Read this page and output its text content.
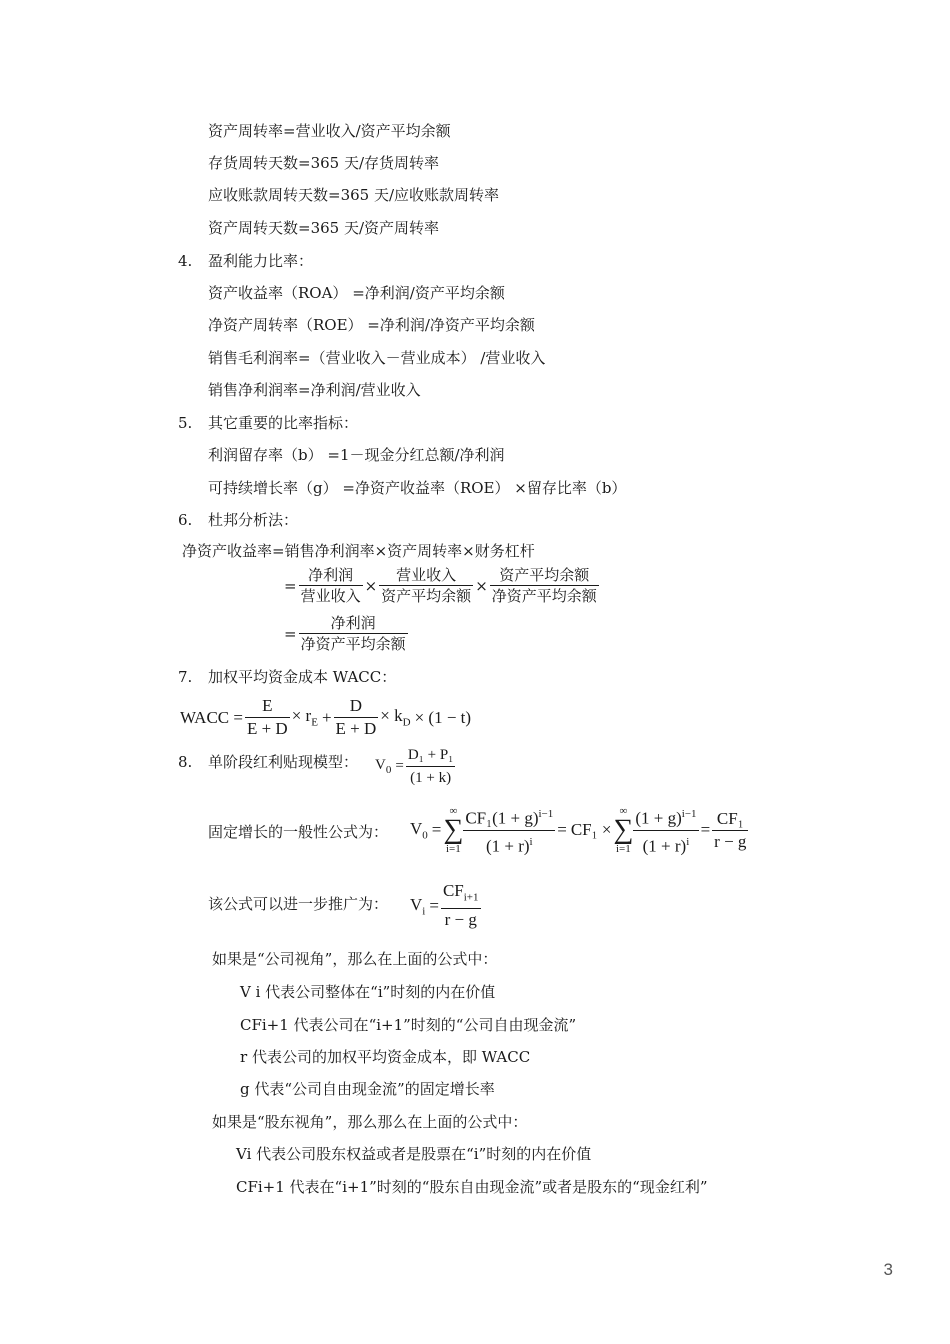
资产周转率=营业收入/资产平均余额
存货周转天数=365 天/存货周转率
应收账款周转天数=365 天/应收账款周转率
资产周转天数=365 天/资产周转率
4. 盈利能力比率：
资产收益率（ROA） =净利润/资产平均余额
净资产周转率（ROE） =净利润/净资产平均余额
销售毛利润率=（营业收入－营业成本） /营业收入
销售净利润率=净利润/营业收入
5. 其它重要的比率指标：
利润留存率（b） =1－现金分红总额/净利润
可持续增长率（g） =净资产收益率（ROE） ×留存比率（b）
6. 杜邦分析法：
净资产收益率=销售净利润率×资产周转率×财务杠杆
= $\frac{\text{净利润}}{\text{营业收入}} \times \frac{\text{营业收入}}{\text{资产平均余额}} \times \frac{\text{资产平均余额}}{\text{净资产平均余额}}$
= $\frac{\text{净利润}}{\text{净资产平均余额}}$
7. 加权平均资金成本 WACC：
WACC = $\frac{E}{E + D} \times r_E + \frac{D}{E + D} \times k_D \times (1 - t)$
8. 单阶段红利贴现模型： $V_0 = \frac{\text{D₁ + P₁}}{(1 + k)}$
固定增长的一般性公式为： $V_0$ =∞
∑
$i=1 \frac{CF_1(1 + g)^{i-1}}{(1 + r)^i} = CF_1$ ×∞
∑
$i=1 \frac{(1 + g)^{i-1}}{(1 + r)^i} = \frac{\text{CF₁}}{r - g}$
该公式可以进一步推广为： $V_i = \frac{CF_{i+1}}{r - g}$
如果是“公司视角”，那么在上面的公式中：
V i 代表公司整体在“i”时刻的内在价值
CFi+1 代表公司在“i+1”时刻的“公司自由现金流”
r 代表公司的加权平均资金成本，即 WACC
g 代表“公司自由现金流”的固定增长率
如果是“股东视角”，那么那么在上面的公式中：
Vi 代表公司股东权益或者是股票在“i”时刻的内在价值
CFi+1 代表在“i+1”时刻的“股东自由现金流”或者是股东的“现金红利”
3
